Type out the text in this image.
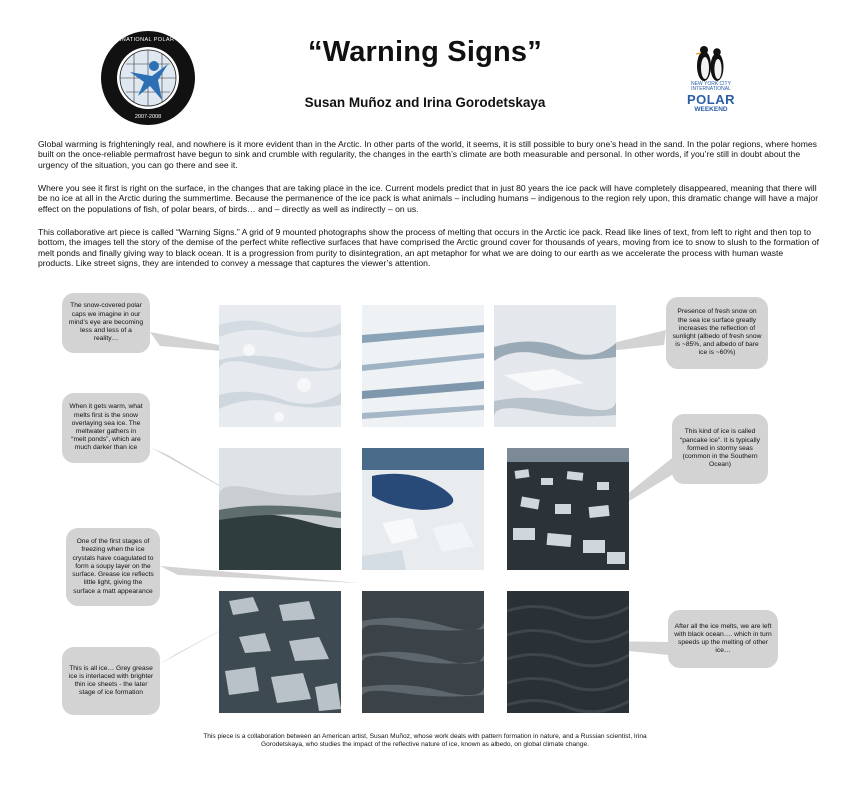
INTERNATIONAL POLAR YEAR
2007-2008
“Warning Signs”
Susan Muñoz and Irina Gorodetskaya
NEW YORK CITY
INTERNATIONAL
POLAR
WEEKEND
Global warming is frighteningly real, and nowhere is it more evident than in the Arctic. In other parts of the world, it seems, it is still possible to bury one’s head in the sand. In the polar regions, where homes built on the once-reliable permafrost have begun to sink and crumble with regularity, the changes in the earth’s climate are both measurable and personal. In other words, if you’re still in doubt about the urgency of the situation, you can go there and see it.
Where you see it first is right on the surface, in the changes that are taking place in the ice. Current models predict that in just 80 years the ice pack will have completely disappeared, meaning that there will be no ice at all in the Arctic during the summertime. Because the permanence of the ice pack is what animals – including humans – indigenous to the region rely upon, this dramatic change will have a major effect on the populations of fish, of polar bears, of birds… and – directly as well as indirectly – on us.
This collaborative art piece is called “Warning Signs.” A grid of 9 mounted photographs show the process of melting that occurs in the Arctic ice pack. Read like lines of text, from left to right and then top to bottom, the images tell the story of the demise of the perfect white reflective surfaces that have comprised the Arctic ground cover for thousands of years, moving from ice to snow to slush to the formation of melt ponds and finally giving way to black ocean. It is a progression from purity to disintegration, an apt metaphor for what we are doing to our earth as we accelerate the process with human waste products. Like street signs, they are intended to convey a message that captures the viewer’s attention.
The snow-covered polar caps we imagine in our mind’s eye are becoming less and less of a reality…
When it gets warm, what melts first is the snow overlaying sea ice. The meltwater gathers in “melt ponds”, which are much darker than ice
One of the first stages of freezing when the ice crystals have coagulated to form a soupy layer on the surface. Grease ice reflects little light, giving the surface a matt appearance
This is all ice… Grey grease ice is interlaced with brighter thin ice sheets - the later stage of ice formation
Presence of fresh snow on the sea ice surface greatly increases the reflection of sunlight (albedo of fresh snow is ~85%, and albedo of bare ice is ~60%)
This kind of ice is called “pancake ice”. It is typically formed in stormy seas (common in the Southern Ocean)
After all the ice melts, we are left with black ocean…. which in turn speeds up the melting of other ice…
This piece is a collaboration between an American artist, Susan Muñoz, whose work deals with pattern formation in nature, and a Russian scientist, Irina Gorodetskaya, who studies the impact of the reflective nature of ice, known as albedo, on global climate change.
